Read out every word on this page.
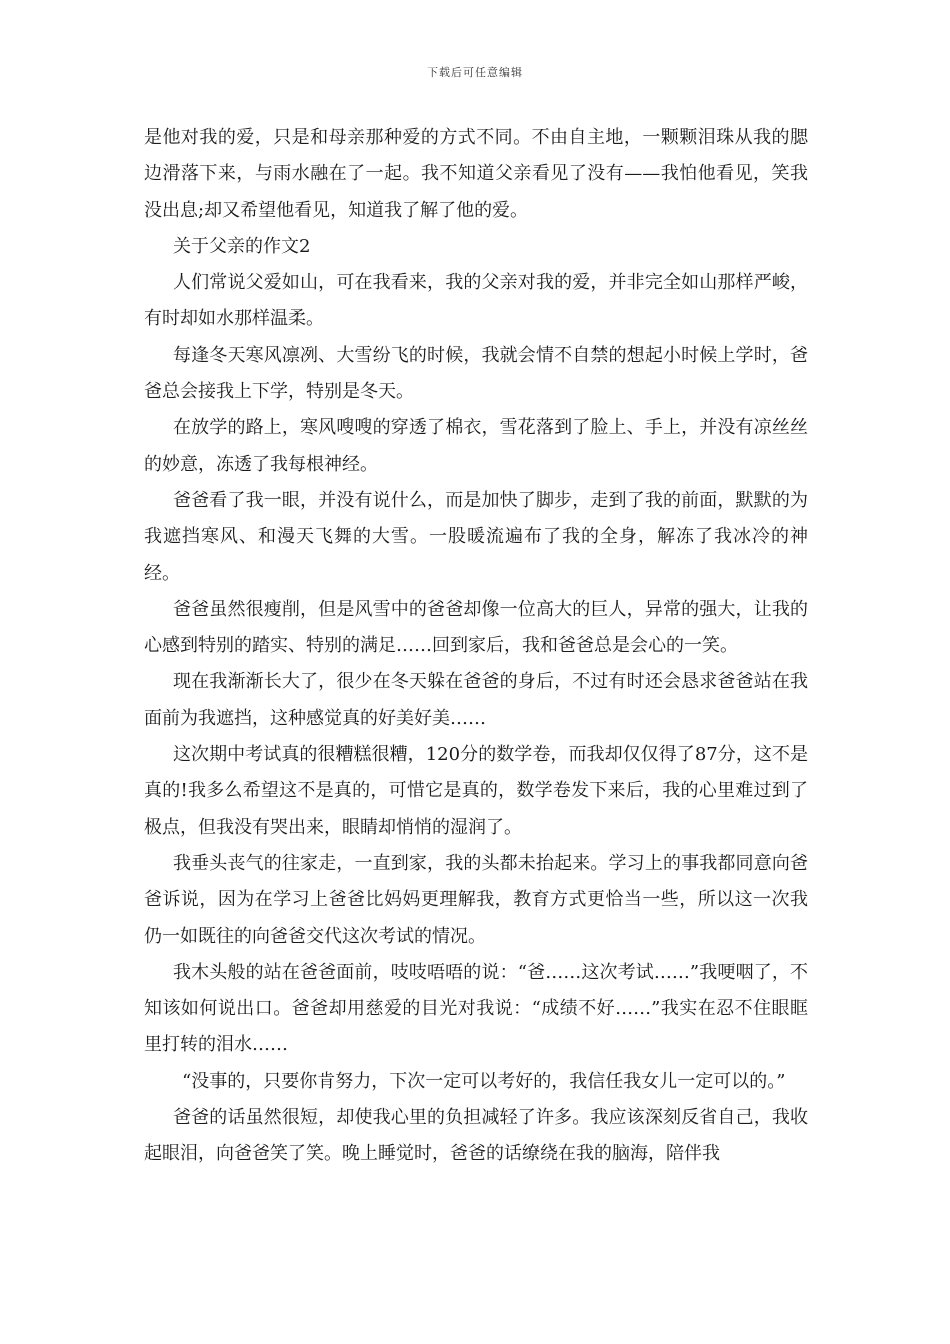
下载后可任意编辑

是他对我的爱，只是和母亲那种爱的方式不同。不由自主地，一颗颗泪珠从我的腮边滑落下来，与雨水融在了一起。我不知道父亲看见了没有——我怕他看见，笑我没出息;却又希望他看见，知道我了解了他的爱。

关于父亲的作文2

人们常说父爱如山，可在我看来，我的父亲对我的爱，并非完全如山那样严峻，有时却如水那样温柔。

每逢冬天寒风凛冽、大雪纷飞的时候，我就会情不自禁的想起小时候上学时，爸爸总会接我上下学，特别是冬天。

在放学的路上，寒风嗖嗖的穿透了棉衣，雪花落到了脸上、手上，并没有凉丝丝的妙意，冻透了我每根神经。

爸爸看了我一眼，并没有说什么，而是加快了脚步，走到了我的前面，默默的为我遮挡寒风、和漫天飞舞的大雪。一股暖流遍布了我的全身，解冻了我冰冷的神经。

爸爸虽然很瘦削，但是风雪中的爸爸却像一位高大的巨人，异常的强大，让我的心感到特别的踏实、特别的满足……回到家后，我和爸爸总是会心的一笑。

现在我渐渐长大了，很少在冬天躲在爸爸的身后，不过有时还会恳求爸爸站在我面前为我遮挡，这种感觉真的好美好美……

这次期中考试真的很糟糕很糟，120分的数学卷，而我却仅仅得了87分，这不是真的!我多么希望这不是真的，可惜它是真的，数学卷发下来后，我的心里难过到了极点，但我没有哭出来，眼睛却悄悄的湿润了。

我垂头丧气的往家走，一直到家，我的头都未抬起来。学习上的事我都同意向爸爸诉说，因为在学习上爸爸比妈妈更理解我，教育方式更恰当一些，所以这一次我仍一如既往的向爸爸交代这次考试的情况。

我木头般的站在爸爸面前，吱吱唔唔的说：“爸……这次考试……”我哽咽了，不知该如何说出口。爸爸却用慈爱的目光对我说：“成绩不好……”我实在忍不住眼眶里打转的泪水……

“没事的，只要你肯努力，下次一定可以考好的，我信任我女儿一定可以的。”

爸爸的话虽然很短，却使我心里的负担减轻了许多。我应该深刻反省自己，我收起眼泪，向爸爸笑了笑。晚上睡觉时，爸爸的话缭绕在我的脑海，陪伴我
